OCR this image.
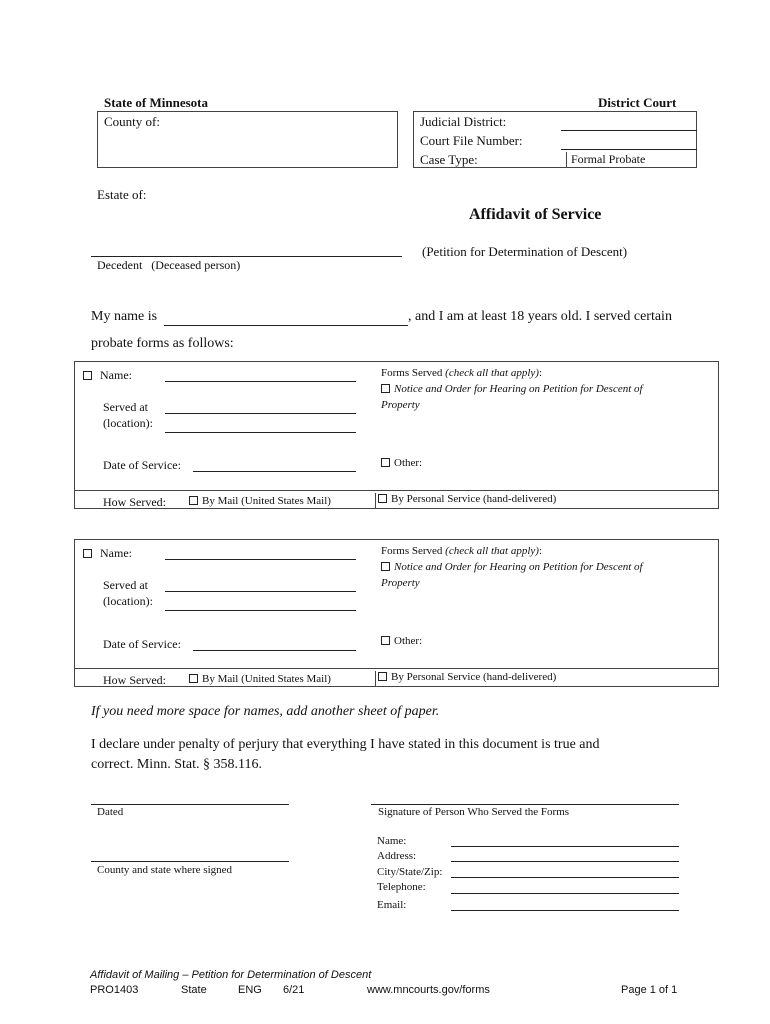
State of Minnesota	District Court
County of:	Judicial District:
Court File Number:
Case Type:	Formal Probate
Estate of:
Affidavit of Service
(Petition for Determination of Descent)
Decedent   (Deceased person)
My name is	, and I am at least 18 years old. I served certain
probate forms as follows:
Name:
Served at
(location):
Date of Service:
Forms Served (check all that apply):
Notice and Order for Hearing on Petition for Descent of
Property
Other:
How Served:	By Mail (United States Mail)	By Personal Service (hand-delivered)
Name:
Served at
(location):
Date of Service:
Forms Served (check all that apply):
Notice and Order for Hearing on Petition for Descent of
Property
Other:
How Served:	By Mail (United States Mail)	By Personal Service (hand-delivered)
If you need more space for names, add another sheet of paper.
I declare under penalty of perjury that everything I have stated in this document is true and
correct. Minn. Stat. § 358.116.
Dated
County and state where signed
Signature of Person Who Served the Forms
Name:
Address:
City/State/Zip:
Telephone:
Email:
Affidavit of Mailing – Petition for Determination of Descent
PRO1403	State	ENG 6/21	www.mncourts.gov/forms	Page 1 of 1
